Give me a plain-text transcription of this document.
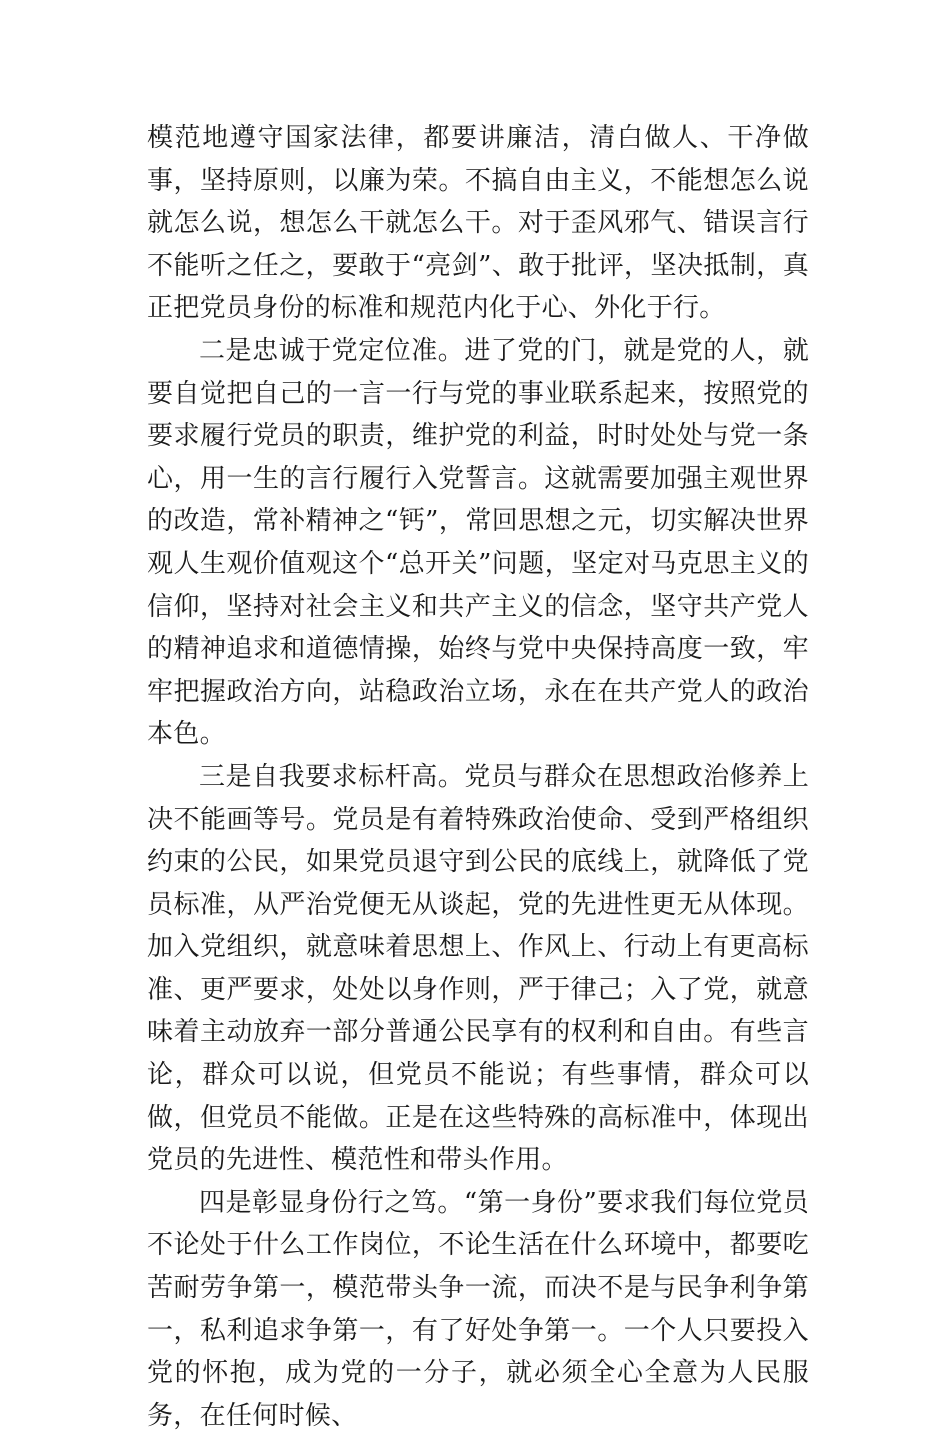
模范地遵守国家法律，都要讲廉洁，清白做人、干净做事，坚持原则，以廉为荣。不搞自由主义，不能想怎么说就怎么说，想怎么干就怎么干。对于歪风邪气、错误言行不能听之任之，要敢于“亮剑”、敢于批评，坚决抵制，真正把党员身份的标准和规范内化于心、外化于行。

二是忠诚于党定位准。进了党的门，就是党的人，就要自觉把自己的一言一行与党的事业联系起来，按照党的要求履行党员的职责，维护党的利益，时时处处与党一条心，用一生的言行履行入党誓言。这就需要加强主观世界的改造，常补精神之“钙”，常回思想之元，切实解决世界观人生观价值观这个“总开关”问题，坚定对马克思主义的信仰，坚持对社会主义和共产主义的信念，坚守共产党人的精神追求和道德情操，始终与党中央保持高度一致，牢牢把握政治方向，站稳政治立场，永在在共产党人的政治本色。

三是自我要求标杆高。党员与群众在思想政治修养上决不能画等号。党员是有着特殊政治使命、受到严格组织约束的公民，如果党员退守到公民的底线上，就降低了党员标准，从严治党便无从谈起，党的先进性更无从体现。加入党组织，就意味着思想上、作风上、行动上有更高标准、更严要求，处处以身作则，严于律己；入了党，就意味着主动放弃一部分普通公民享有的权利和自由。有些言论，群众可以说，但党员不能说；有些事情，群众可以做，但党员不能做。正是在这些特殊的高标准中，体现出党员的先进性、模范性和带头作用。

四是彰显身份行之笃。“第一身份”要求我们每位党员不论处于什么工作岗位，不论生活在什么环境中，都要吃苦耐劳争第一，模范带头争一流，而决不是与民争利争第一，私利追求争第一，有了好处争第一。一个人只要投入党的怀抱，成为党的一分子，就必须全心全意为人民服务，在任何时候、
